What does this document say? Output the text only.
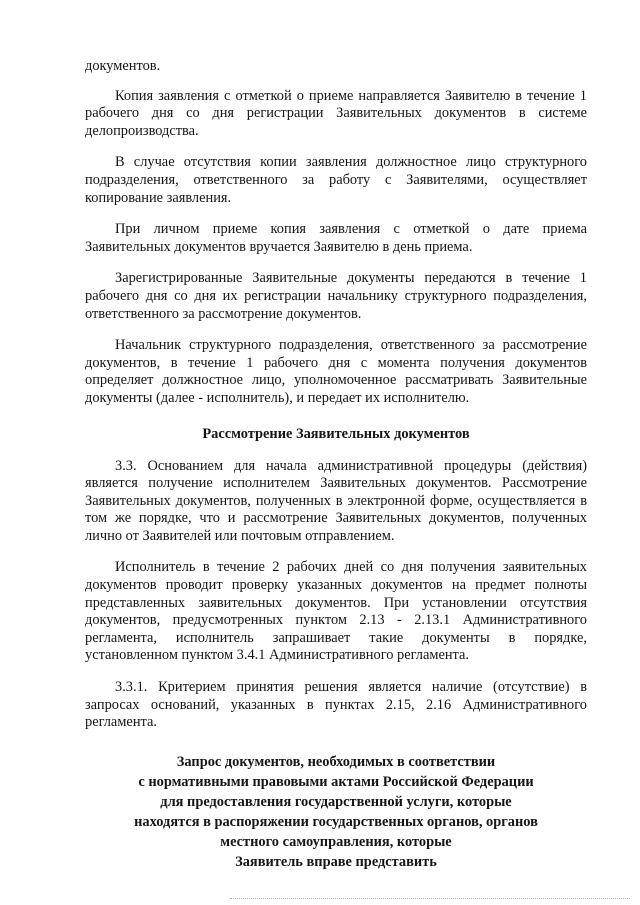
документов.

Копия заявления с отметкой о приеме направляется Заявителю в течение 1 рабочего дня со дня регистрации Заявительных документов в системе делопроизводства.

В случае отсутствия копии заявления должностное лицо структурного подразделения, ответственного за работу с Заявителями, осуществляет копирование заявления.

При личном приеме копия заявления с отметкой о дате приема Заявительных документов вручается Заявителю в день приема.

Зарегистрированные Заявительные документы передаются в течение 1 рабочего дня со дня их регистрации начальнику структурного подразделения, ответственного за рассмотрение документов.

Начальник структурного подразделения, ответственного за рассмотрение документов, в течение 1 рабочего дня с момента получения документов определяет должностное лицо, уполномоченное рассматривать Заявительные документы (далее - исполнитель), и передает их исполнителю.

Рассмотрение Заявительных документов

3.3. Основанием для начала административной процедуры (действия) является получение исполнителем Заявительных документов. Рассмотрение Заявительных документов, полученных в электронной форме, осуществляется в том же порядке, что и рассмотрение Заявительных документов, полученных лично от Заявителей или почтовым отправлением.

Исполнитель в течение 2 рабочих дней со дня получения заявительных документов проводит проверку указанных документов на предмет полноты представленных заявительных документов. При установлении отсутствия документов, предусмотренных пунктом 2.13 - 2.13.1 Административного регламента, исполнитель запрашивает такие документы в порядке, установленном пунктом 3.4.1 Административного регламента.

3.3.1. Критерием принятия решения является наличие (отсутствие) в запросах оснований, указанных в пунктах 2.15, 2.16 Административного регламента.

Запрос документов, необходимых в соответствии
с нормативными правовыми актами Российской Федерации
для предоставления государственной услуги, которые
находятся в распоряжении государственных органов, органов
местного самоуправления, которые
Заявитель вправе представить
